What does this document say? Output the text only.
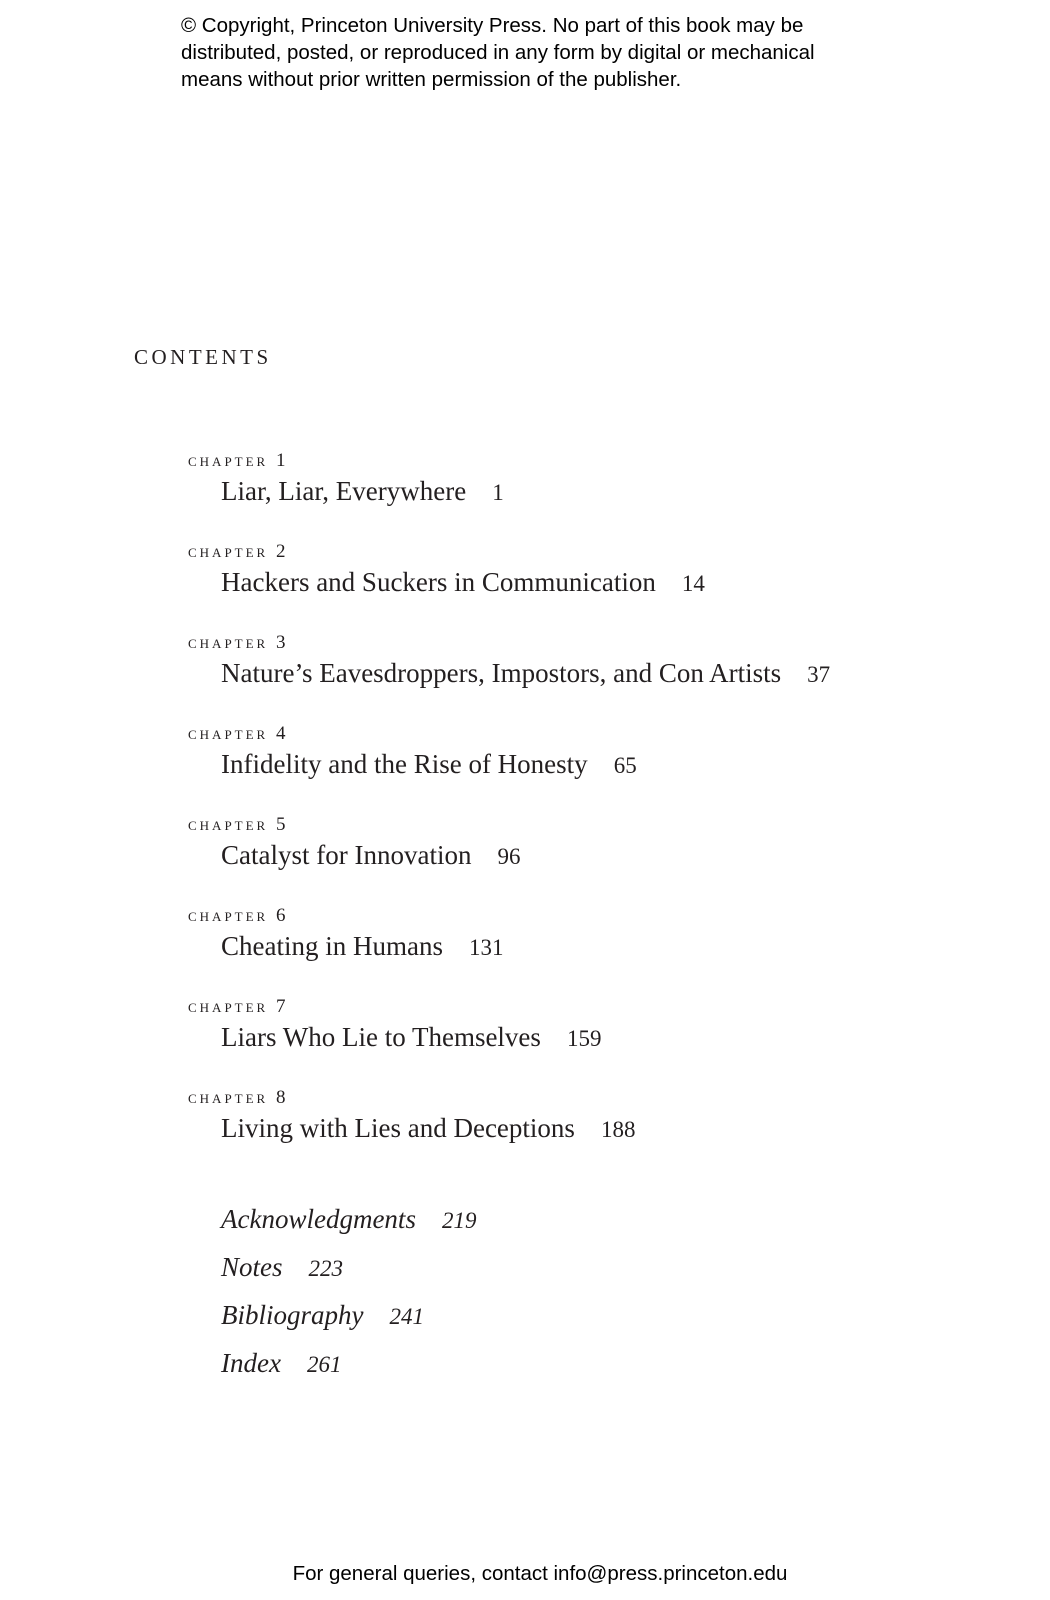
© Copyright, Princeton University Press. No part of this book may be
distributed, posted, or reproduced in any form by digital or mechanical
means without prior written permission of the publisher.
contents
chapter 1
Liar, Liar, Everywhere 1
chapter 2
Hackers and Suckers in Communication 14
chapter 3
Nature’s Eavesdroppers, Impostors, and Con Artists 37
chapter 4
Infidelity and the Rise of Honesty 65
chapter 5
Catalyst for Innovation 96
chapter 6
Cheating in Humans 131
chapter 7
Liars Who Lie to Themselves 159
chapter 8
Living with Lies and Deceptions 188
Acknowledgments 219
Notes 223
Bibliography 241
Index 261
For general queries, contact info@press.princeton.edu
